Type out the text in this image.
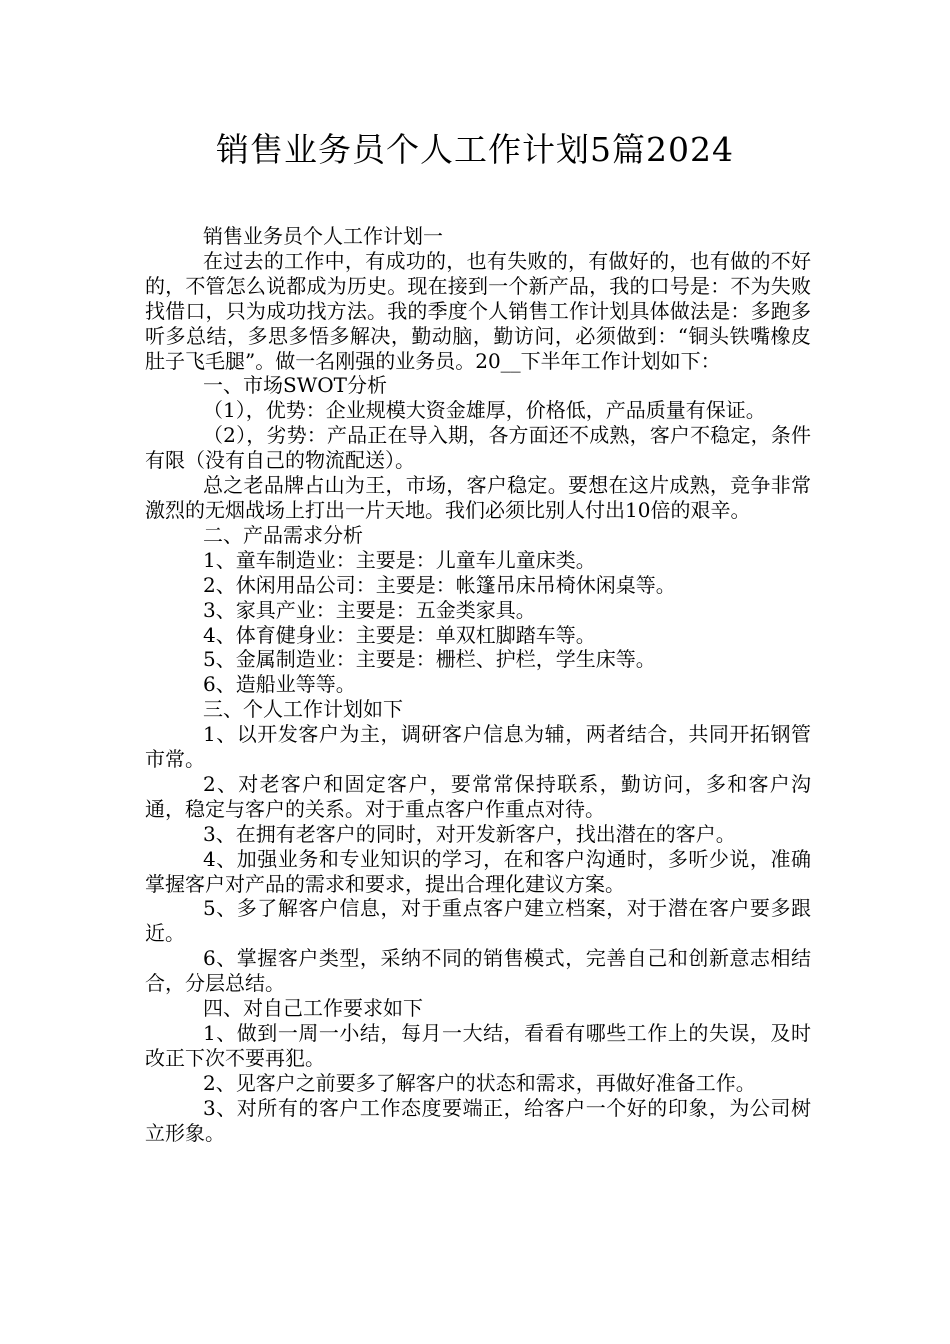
销售业务员个人工作计划5篇2024

销售业务员个人工作计划一

在过去的工作中，有成功的，也有失败的，有做好的，也有做的不好的，不管怎么说都成为历史。现在接到一个新产品，我的口号是：不为失败找借口，只为成功找方法。我的季度个人销售工作计划具体做法是：多跑多听多总结，多思多悟多解决，勤动脑，勤访问，必须做到：“铜头铁嘴橡皮肚子飞毛腿”。做一名刚强的业务员。20__下半年工作计划如下：

一、市场SWOT分析

（1），优势：企业规模大资金雄厚，价格低，产品质量有保证。

（2），劣势：产品正在导入期，各方面还不成熟，客户不稳定，条件有限（没有自己的物流配送）。

总之老品牌占山为王，市场，客户稳定。要想在这片成熟，竞争非常激烈的无烟战场上打出一片天地。我们必须比别人付出10倍的艰辛。

二、产品需求分析

1、童车制造业：主要是：儿童车儿童床类。

2、休闲用品公司：主要是：帐篷吊床吊椅休闲桌等。

3、家具产业：主要是：五金类家具。

4、体育健身业：主要是：单双杠脚踏车等。

5、金属制造业：主要是：栅栏、护栏，学生床等。

6、造船业等等。

三、个人工作计划如下

1、以开发客户为主，调研客户信息为辅，两者结合，共同开拓钢管市常。

2、对老客户和固定客户，要常常保持联系，勤访问，多和客户沟通，稳定与客户的关系。对于重点客户作重点对待。

3、在拥有老客户的同时，对开发新客户，找出潜在的客户。

4、加强业务和专业知识的学习，在和客户沟通时，多听少说，准确掌握客户对产品的需求和要求，提出合理化建议方案。

5、多了解客户信息，对于重点客户建立档案，对于潜在客户要多跟近。

6、掌握客户类型，采纳不同的销售模式，完善自己和创新意志相结合，分层总结。

四、对自己工作要求如下

1、做到一周一小结，每月一大结，看看有哪些工作上的失误，及时改正下次不要再犯。

2、见客户之前要多了解客户的状态和需求，再做好准备工作。

3、对所有的客户工作态度要端正，给客户一个好的印象，为公司树立形象。
